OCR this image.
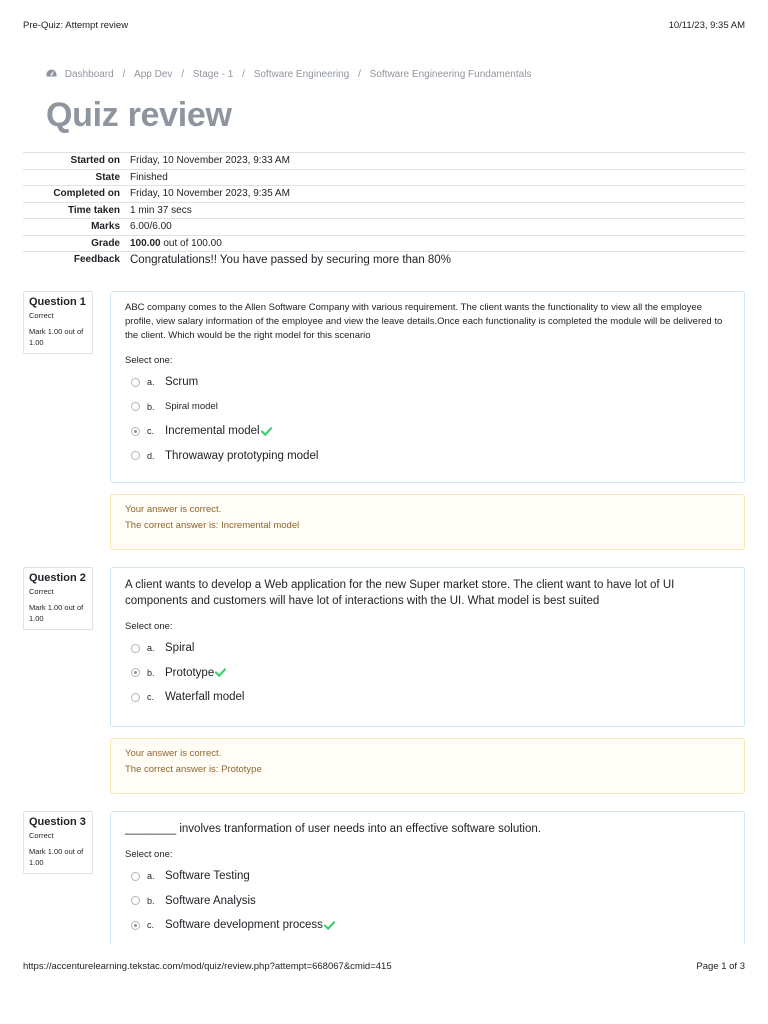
Pre-Quiz: Attempt review	10/11/23, 9:35 AM
Dashboard / App Dev / Stage - 1 / Software Engineering / Software Engineering Fundamentals
Quiz review
Started on	Friday, 10 November 2023, 9:33 AM
State	Finished
Completed on	Friday, 10 November 2023, 9:35 AM
Time taken	1 min 37 secs
Marks	6.00/6.00
Grade	100.00 out of 100.00
Feedback	Congratulations!! You have passed by securing more than 80%
Question 1
Correct
Mark 1.00 out of 1.00
ABC company comes to the Allen Software Company with various requirement. The client wants the functionality to view all the employee profile, view salary information of the employee and view the leave details.Once each functionality is completed the module will be delivered to the client. Which would be the right model for this scenario
Select one:
a. Scrum
b.	Spiral model
c. Incremental model
d. Throwaway prototyping model
Your answer is correct.
The correct answer is: Incremental model
Question 2
Correct
Mark 1.00 out of 1.00
A client wants to develop a Web application for the new Super market store. The client want to have lot of UI components and customers will have lot of interactions with the UI. What model is best suited
Select one:
a. Spiral
b. Prototype
c. Waterfall model
Your answer is correct.
The correct answer is: Prototype
Question 3
Correct
Mark 1.00 out of 1.00
________ involves tranformation of user needs into an effective software solution.
Select one:
a. Software Testing
b. Software Analysis
c. Software development process
https://accenturelearning.tekstac.com/mod/quiz/review.php?attempt=668067&cmid=415	Page 1 of 3
